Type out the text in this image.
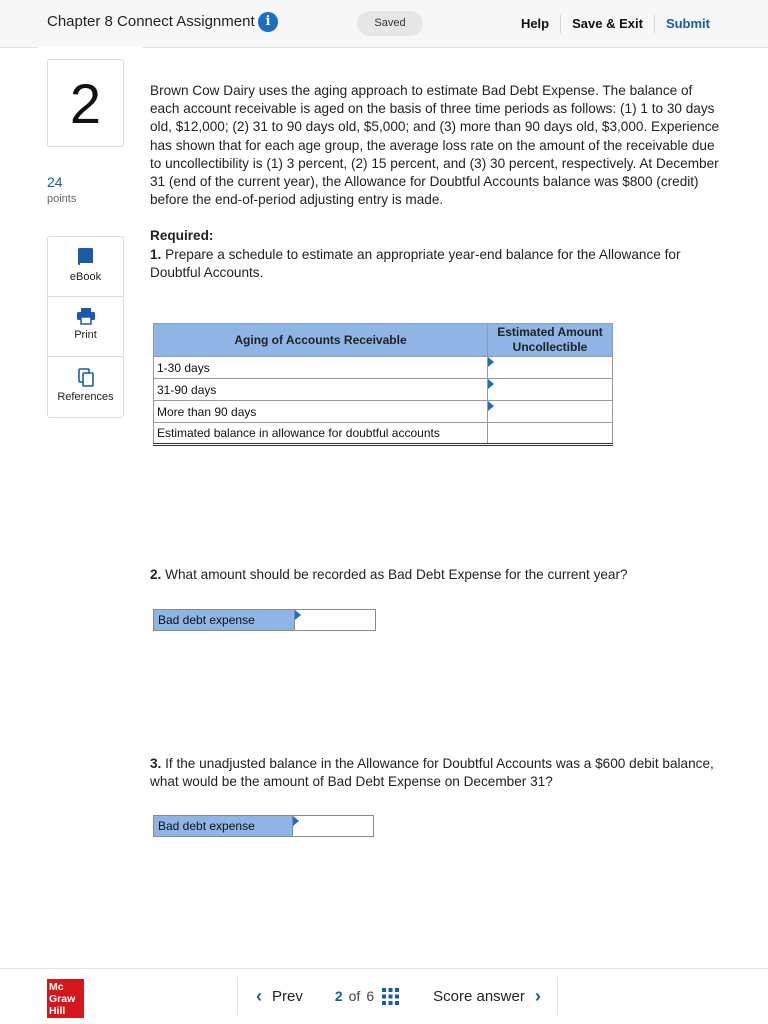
Chapter 8 Connect Assignment i	Saved	Help	Save & Exit	Submit
2
24
points
eBook
Print
References

Brown Cow Dairy uses the aging approach to estimate Bad Debt Expense. The balance of each account receivable is aged on the basis of three time periods as follows: (1) 1 to 30 days old, $12,000; (2) 31 to 90 days old, $5,000; and (3) more than 90 days old, $3,000. Experience has shown that for each age group, the average loss rate on the amount of the receivable due to uncollectibility is (1) 3 percent, (2) 15 percent, and (3) 30 percent, respectively. At December 31 (end of the current year), the Allowance for Doubtful Accounts balance was $800 (credit) before the end-of-period adjusting entry is made.

Required:
1. Prepare a schedule to estimate an appropriate year-end balance for the Allowance for Doubtful Accounts.

Aging of Accounts Receivable	Estimated Amount Uncollectible
1-30 days	

31-90 days	

More than 90 days	

Estimated balance in allowance for doubtful accounts	
2. What amount should be recorded as Bad Debt Expense for the current year?
Bad debt expense
3. If the unadjusted balance in the Allowance for Doubtful Accounts was a $600 debit balance, what would be the amount of Bad Debt Expense on December 31?
Bad debt expense
Mc
Graw
Hill
‹ Prev 2 of 6	Score answer ›
